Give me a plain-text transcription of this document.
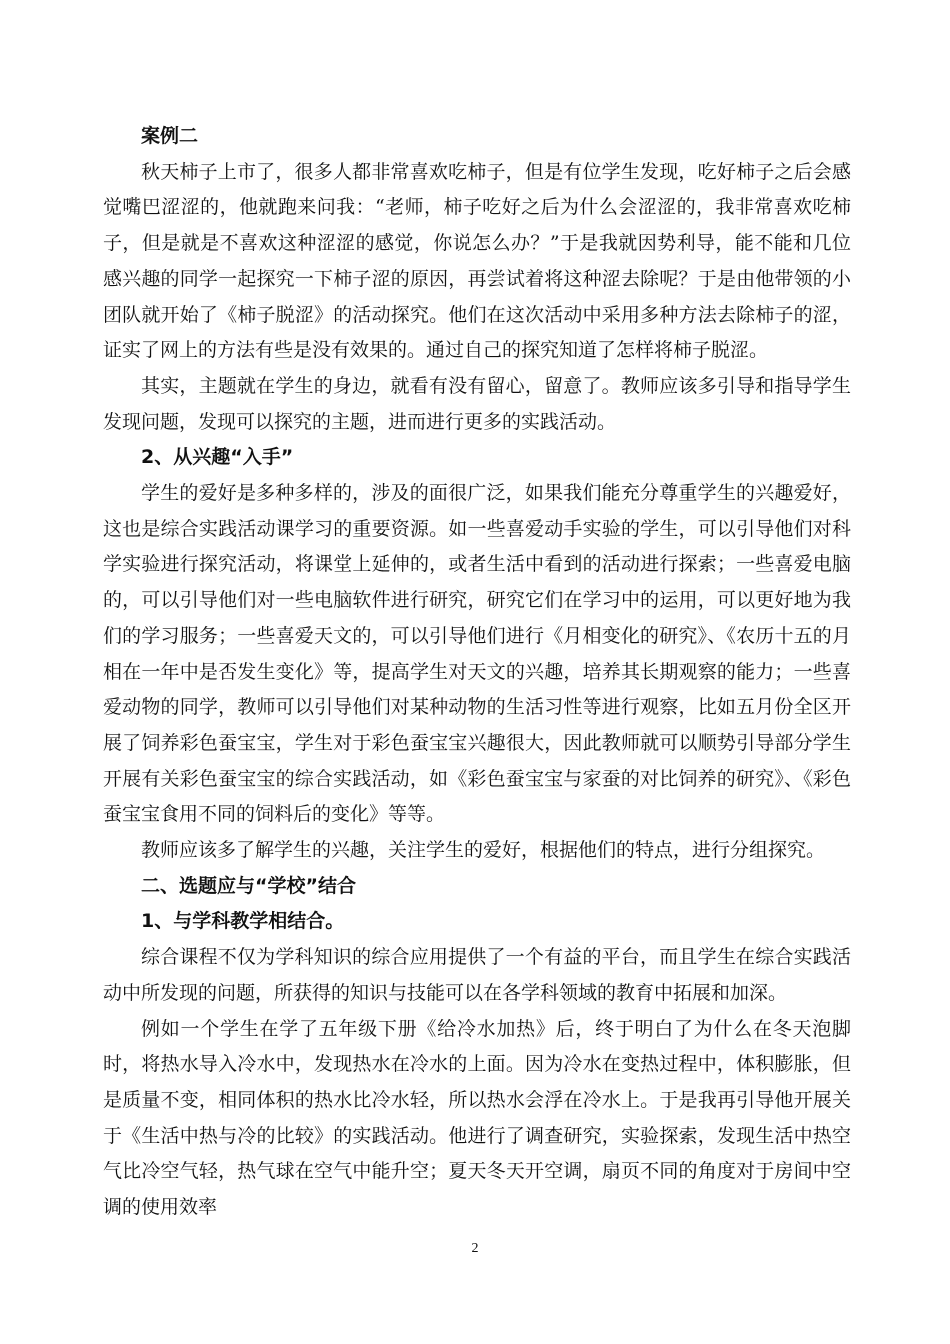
案例二

秋天柿子上市了，很多人都非常喜欢吃柿子，但是有位学生发现，吃好柿子之后会感觉嘴巴涩涩的，他就跑来问我：“老师，柿子吃好之后为什么会涩涩的，我非常喜欢吃柿子，但是就是不喜欢这种涩涩的感觉，你说怎么办？”于是我就因势利导，能不能和几位感兴趣的同学一起探究一下柿子涩的原因，再尝试着将这种涩去除呢？于是由他带领的小团队就开始了《柿子脱涩》的活动探究。他们在这次活动中采用多种方法去除柿子的涩，证实了网上的方法有些是没有效果的。通过自己的探究知道了怎样将柿子脱涩。

其实，主题就在学生的身边，就看有没有留心，留意了。教师应该多引导和指导学生发现问题，发现可以探究的主题，进而进行更多的实践活动。

2、从兴趣“入手”

学生的爱好是多种多样的，涉及的面很广泛，如果我们能充分尊重学生的兴趣爱好，这也是综合实践活动课学习的重要资源。如一些喜爱动手实验的学生，可以引导他们对科学实验进行探究活动，将课堂上延伸的，或者生活中看到的活动进行探索；一些喜爱电脑的，可以引导他们对一些电脑软件进行研究，研究它们在学习中的运用，可以更好地为我们的学习服务；一些喜爱天文的，可以引导他们进行《月相变化的研究》、《农历十五的月相在一年中是否发生变化》等，提高学生对天文的兴趣，培养其长期观察的能力；一些喜爱动物的同学，教师可以引导他们对某种动物的生活习性等进行观察，比如五月份全区开展了饲养彩色蚕宝宝，学生对于彩色蚕宝宝兴趣很大，因此教师就可以顺势引导部分学生开展有关彩色蚕宝宝的综合实践活动，如《彩色蚕宝宝与家蚕的对比饲养的研究》、《彩色蚕宝宝食用不同的饲料后的变化》等等。

教师应该多了解学生的兴趣，关注学生的爱好，根据他们的特点，进行分组探究。

二、选题应与“学校”结合

1、与学科教学相结合。

综合课程不仅为学科知识的综合应用提供了一个有益的平台，而且学生在综合实践活动中所发现的问题，所获得的知识与技能可以在各学科领域的教育中拓展和加深。

例如一个学生在学了五年级下册《给冷水加热》后，终于明白了为什么在冬天泡脚时，将热水导入冷水中，发现热水在冷水的上面。因为冷水在变热过程中，体积膨胀，但是质量不变，相同体积的热水比冷水轻，所以热水会浮在冷水上。于是我再引导他开展关于《生活中热与冷的比较》的实践活动。他进行了调查研究，实验探索，发现生活中热空气比冷空气轻，热气球在空气中能升空；夏天冬天开空调，扇页不同的角度对于房间中空调的使用效率

2
